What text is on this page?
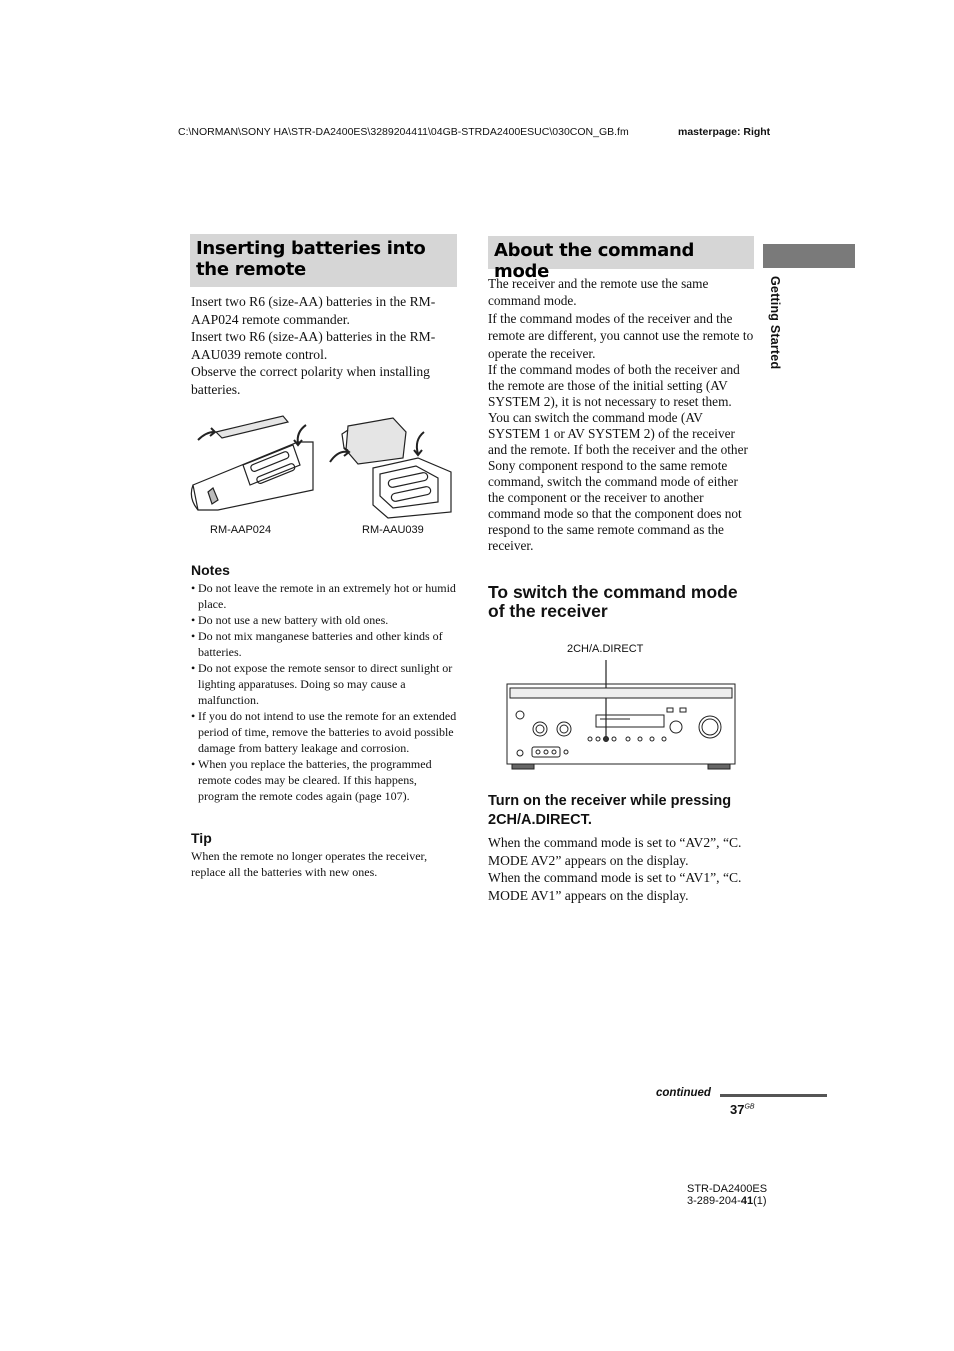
C:\NORMAN\SONY HA\STR-DA2400ES\3289204411\04GB-STRDA2400ESUC\030CON_GB.fm	masterpage: Right
Getting Started
Inserting batteries into the remote
Insert two R6 (size-AA) batteries in the RM-AAP024 remote commander.
Insert two R6 (size-AA) batteries in the RM-AAU039 remote control.
Observe the correct polarity when installing batteries.
RM-AAP024	RM-AAU039
Notes
• Do not leave the remote in an extremely hot or humid place.
• Do not use a new battery with old ones.
• Do not mix manganese batteries and other kinds of batteries.
• Do not expose the remote sensor to direct sunlight or lighting apparatuses. Doing so may cause a malfunction.
• If you do not intend to use the remote for an extended period of time, remove the batteries to avoid possible damage from battery leakage and corrosion.
• When you replace the batteries, the programmed remote codes may be cleared. If this happens, program the remote codes again (page 107).
Tip
When the remote no longer operates the receiver, replace all the batteries with new ones.
About the command mode
The receiver and the remote use the same command mode.
If the command modes of the receiver and the remote are different, you cannot use the remote to operate the receiver.
If the command modes of both the receiver and the remote are those of the initial setting (AV SYSTEM 2), it is not necessary to reset them. You can switch the command mode (AV SYSTEM 1 or AV SYSTEM 2) of the receiver and the remote. If both the receiver and the other Sony component respond to the same remote command, switch the command mode of either the component or the receiver to another command mode so that the component does not respond to the same remote command as the receiver.
To switch the command mode of the receiver
2CH/A.DIRECT
Turn on the receiver while pressing 2CH/A.DIRECT.
When the command mode is set to “AV2”, “C. MODE AV2” appears on the display.
When the command mode is set to “AV1”, “C. MODE AV1” appears on the display.
continued
$37^{GB}$
STR-DA2400ES
3-289-204-41(1)
